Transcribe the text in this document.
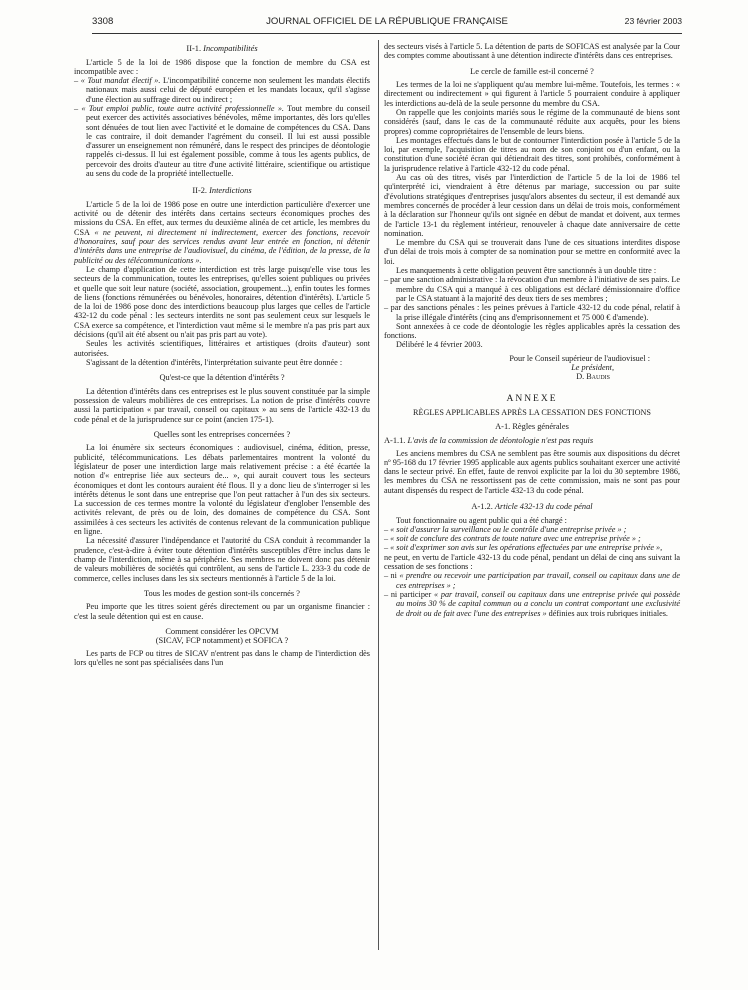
3308	JOURNAL OFFICIEL DE LA RÉPUBLIQUE FRANÇAISE	23 février 2003
II-1. Incompatibilités

L'article 5 de la loi de 1986 dispose que la fonction de membre du CSA est incompatible avec :

– « Tout mandat électif ». L'incompatibilité concerne non seulement les mandats électifs nationaux mais aussi celui de député européen et les mandats locaux, qu'il s'agisse d'une élection au suffrage direct ou indirect ;

– « Tout emploi public, toute autre activité professionnelle ». Tout membre du conseil peut exercer des activités associatives bénévoles, même importantes, dès lors qu'elles sont dénuées de tout lien avec l'activité et le domaine de compétences du CSA. Dans le cas contraire, il doit demander l'agrément du conseil. Il lui est aussi possible d'assurer un enseignement non rémunéré, dans le respect des principes de déontologie rappelés ci-dessus. Il lui est également possible, comme à tous les agents publics, de percevoir des droits d'auteur au titre d'une activité littéraire, scientifique ou artistique au sens du code de la propriété intellectuelle.

II-2. Interdictions

L'article 5 de la loi de 1986 pose en outre une interdiction particulière d'exercer une activité ou de détenir des intérêts dans certains secteurs économiques proches des missions du CSA. En effet, aux termes du deuxième alinéa de cet article, les membres du CSA « ne peuvent, ni directement ni indirectement, exercer des fonctions, recevoir d'honoraires, sauf pour des services rendus avant leur entrée en fonction, ni détenir d'intérêts dans une entreprise de l'audiovisuel, du cinéma, de l'édition, de la presse, de la publicité ou des télécommunications ».

Le champ d'application de cette interdiction est très large puisqu'elle vise tous les secteurs de la communication, toutes les entreprises, qu'elles soient publiques ou privées et quelle que soit leur nature (société, association, groupement...), enfin toutes les formes de liens (fonctions rémunérées ou bénévoles, honoraires, détention d'intérêts). L'article 5 de la loi de 1986 pose donc des interdictions beaucoup plus larges que celles de l'article 432-12 du code pénal : les secteurs interdits ne sont pas seulement ceux sur lesquels le CSA exerce sa compétence, et l'interdiction vaut même si le membre n'a pas pris part aux décisions (qu'il ait été absent ou n'ait pas pris part au vote).

Seules les activités scientifiques, littéraires et artistiques (droits d'auteur) sont autorisées.

S'agissant de la détention d'intérêts, l'interprétation suivante peut être donnée :

Qu'est-ce que la détention d'intérêts ?

La détention d'intérêts dans ces entreprises est le plus souvent constituée par la simple possession de valeurs mobilières de ces entreprises. La notion de prise d'intérêts couvre aussi la participation « par travail, conseil ou capitaux » au sens de l'article 432-13 du code pénal et de la jurisprudence sur ce point (ancien 175-1).

Quelles sont les entreprises concernées ?

La loi énumère six secteurs économiques : audiovisuel, cinéma, édition, presse, publicité, télécommunications. Les débats parlementaires montrent la volonté du législateur de poser une interdiction large mais relativement précise : a été écartée la notion d'« entreprise liée aux secteurs de... », qui aurait couvert tous les secteurs économiques et dont les contours auraient été flous. Il y a donc lieu de s'interroger si les intérêts détenus le sont dans une entreprise que l'on peut rattacher à l'un des six secteurs. La succession de ces termes montre la volonté du législateur d'englober l'ensemble des activités relevant, de près ou de loin, des domaines de compétence du CSA. Sont assimilées à ces secteurs les activités de contenus relevant de la communication publique en ligne.

La nécessité d'assurer l'indépendance et l'autorité du CSA conduit à recommander la prudence, c'est-à-dire à éviter toute détention d'intérêts susceptibles d'être inclus dans le champ de l'interdiction, même à sa périphérie. Ses membres ne doivent donc pas détenir de valeurs mobilières de sociétés qui contrôlent, au sens de l'article L. 233-3 du code de commerce, celles incluses dans les six secteurs mentionnés à l'article 5 de la loi.

Tous les modes de gestion sont-ils concernés ?

Peu importe que les titres soient gérés directement ou par un organisme financier : c'est la seule détention qui est en cause.

Comment considérer les OPCVM
(SICAV, FCP notamment) et SOFICA ?

Les parts de FCP ou titres de SICAV n'entrent pas dans le champ de l'interdiction dès lors qu'elles ne sont pas spécialisées dans l'un

des secteurs visés à l'article 5. La détention de parts de SOFICAS est analysée par la Cour des comptes comme aboutissant à une détention indirecte d'intérêts dans ces entreprises.

Le cercle de famille est-il concerné ?

Les termes de la loi ne s'appliquent qu'au membre lui-même. Toutefois, les termes : « directement ou indirectement » qui figurent à l'article 5 pourraient conduire à appliquer les interdictions au-delà de la seule personne du membre du CSA.

On rappelle que les conjoints mariés sous le régime de la communauté de biens sont considérés (sauf, dans le cas de la communauté réduite aux acquêts, pour les biens propres) comme copropriétaires de l'ensemble de leurs biens.

Les montages effectués dans le but de contourner l'interdiction posée à l'article 5 de la loi, par exemple, l'acquisition de titres au nom de son conjoint ou d'un enfant, ou la constitution d'une société écran qui détiendrait des titres, sont prohibés, conformément à la jurisprudence relative à l'article 432-12 du code pénal.

Au cas où des titres, visés par l'interdiction de l'article 5 de la loi de 1986 tel qu'interprété ici, viendraient à être détenus par mariage, succession ou par suite d'évolutions stratégiques d'entreprises jusqu'alors absentes du secteur, il est demandé aux membres concernés de procéder à leur cession dans un délai de trois mois, conformément à la déclaration sur l'honneur qu'ils ont signée en début de mandat et doivent, aux termes de l'article 13-1 du règlement intérieur, renouveler à chaque date anniversaire de cette nomination.

Le membre du CSA qui se trouverait dans l'une de ces situations interdites dispose d'un délai de trois mois à compter de sa nomination pour se mettre en conformité avec la loi.

Les manquements à cette obligation peuvent être sanctionnés à un double titre :

– par une sanction administrative : la révocation d'un membre à l'initiative de ses pairs. Le membre du CSA qui a manqué à ces obligations est déclaré démissionnaire d'office par le CSA statuant à la majorité des deux tiers de ses membres ;

– par des sanctions pénales : les peines prévues à l'article 432-12 du code pénal, relatif à la prise illégale d'intérêts (cinq ans d'emprisonnement et 75 000 € d'amende).

Sont annexées à ce code de déontologie les règles applicables après la cessation des fonctions.

Délibéré le 4 février 2003.

Pour le Conseil supérieur de l'audiovisuel :

Le président,

D. Baudis

ANNEXE
RÈGLES APPLICABLES APRÈS LA CESSATION DES FONCTIONS
A-1. Règles générales
A-1.1. L'avis de la commission de déontologie n'est pas requis

Les anciens membres du CSA ne semblent pas être soumis aux dispositions du décret nº 95-168 du 17 février 1995 applicable aux agents publics souhaitant exercer une activité dans le secteur privé. En effet, faute de renvoi explicite par la loi du 30 septembre 1986, les membres du CSA ne ressortissent pas de cette commission, mais ne sont pas pour autant dispensés du respect de l'article 432-13 du code pénal.

A-1.2. Article 432-13 du code pénal

Tout fonctionnaire ou agent public qui a été chargé :

– « soit d'assurer la surveillance ou le contrôle d'une entreprise privée » ;

– « soit de conclure des contrats de toute nature avec une entreprise privée » ;

– « soit d'exprimer son avis sur les opérations effectuées par une entreprise privée »,

ne peut, en vertu de l'article 432-13 du code pénal, pendant un délai de cinq ans suivant la cessation de ses fonctions :

– ni « prendre ou recevoir une participation par travail, conseil ou capitaux dans une de ces entreprises » ;

– ni participer « par travail, conseil ou capitaux dans une entreprise privée qui possède au moins 30 % de capital commun ou a conclu un contrat comportant une exclusivité de droit ou de fait avec l'une des entreprises » définies aux trois rubriques initiales.
